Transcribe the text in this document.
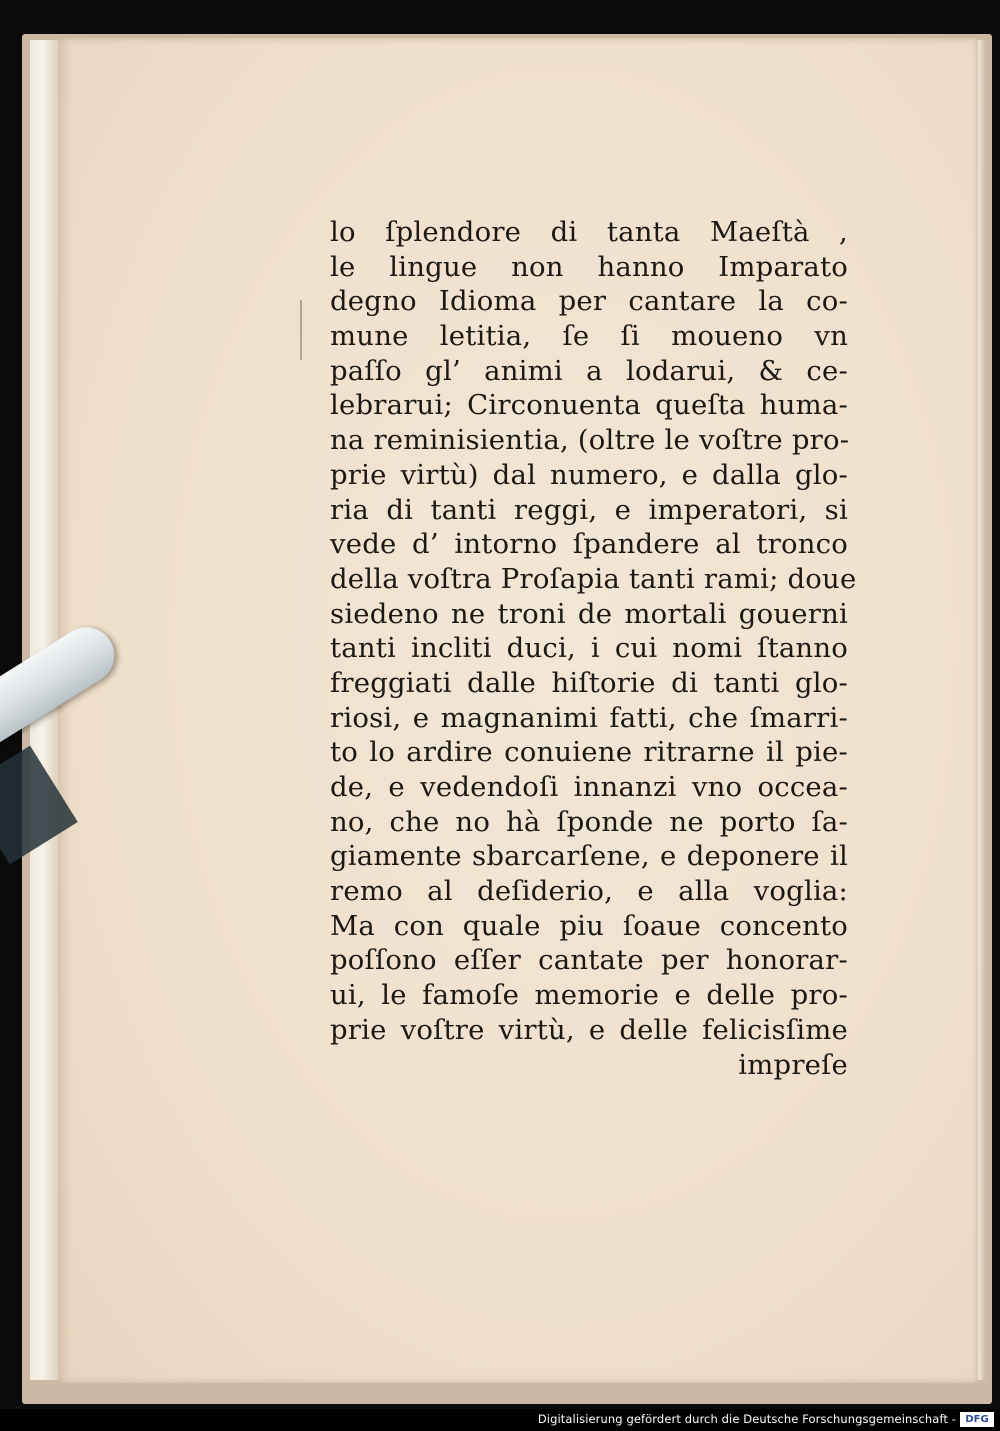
lo ſplendore di tanta Maeſtà ,
le lingue non hanno Imparato
degno Idioma per cantare la co-
mune letitia, ſe ſi moueno vn
paſſo gl’ animi a lodarui, & ce-
lebrarui; Circonuenta queſta huma-
na reminisientia, (oltre le voſtre pro-
prie virtù) dal numero, e dalla glo-
ria di tanti reggi, e imperatori, si
vede d’ intorno ſpandere al tronco
della voſtra Proſapia tanti rami; doue
siedeno ne troni de mortali gouerni
tanti incliti duci, i cui nomi ſtanno
freggiati dalle hiſtorie di tanti glo-
riosi, e magnanimi fatti, che ſmarri-
to lo ardire conuiene ritrarne il pie-
de, e vedendoſi innanzi vno occea-
no, che no hà ſponde ne porto ſa-
giamente sbarcarſene, e deponere il
remo al deſiderio, e alla voglia:
Ma con quale piu ſoaue concento
poſſono eſſer cantate per honorar-
ui, le famoſe memorie e delle pro-
prie voſtre virtù, e delle felicisſime
impreſe
Digitalisierung gefördert durch die Deutsche Forschungsgemeinschaft - DFG
